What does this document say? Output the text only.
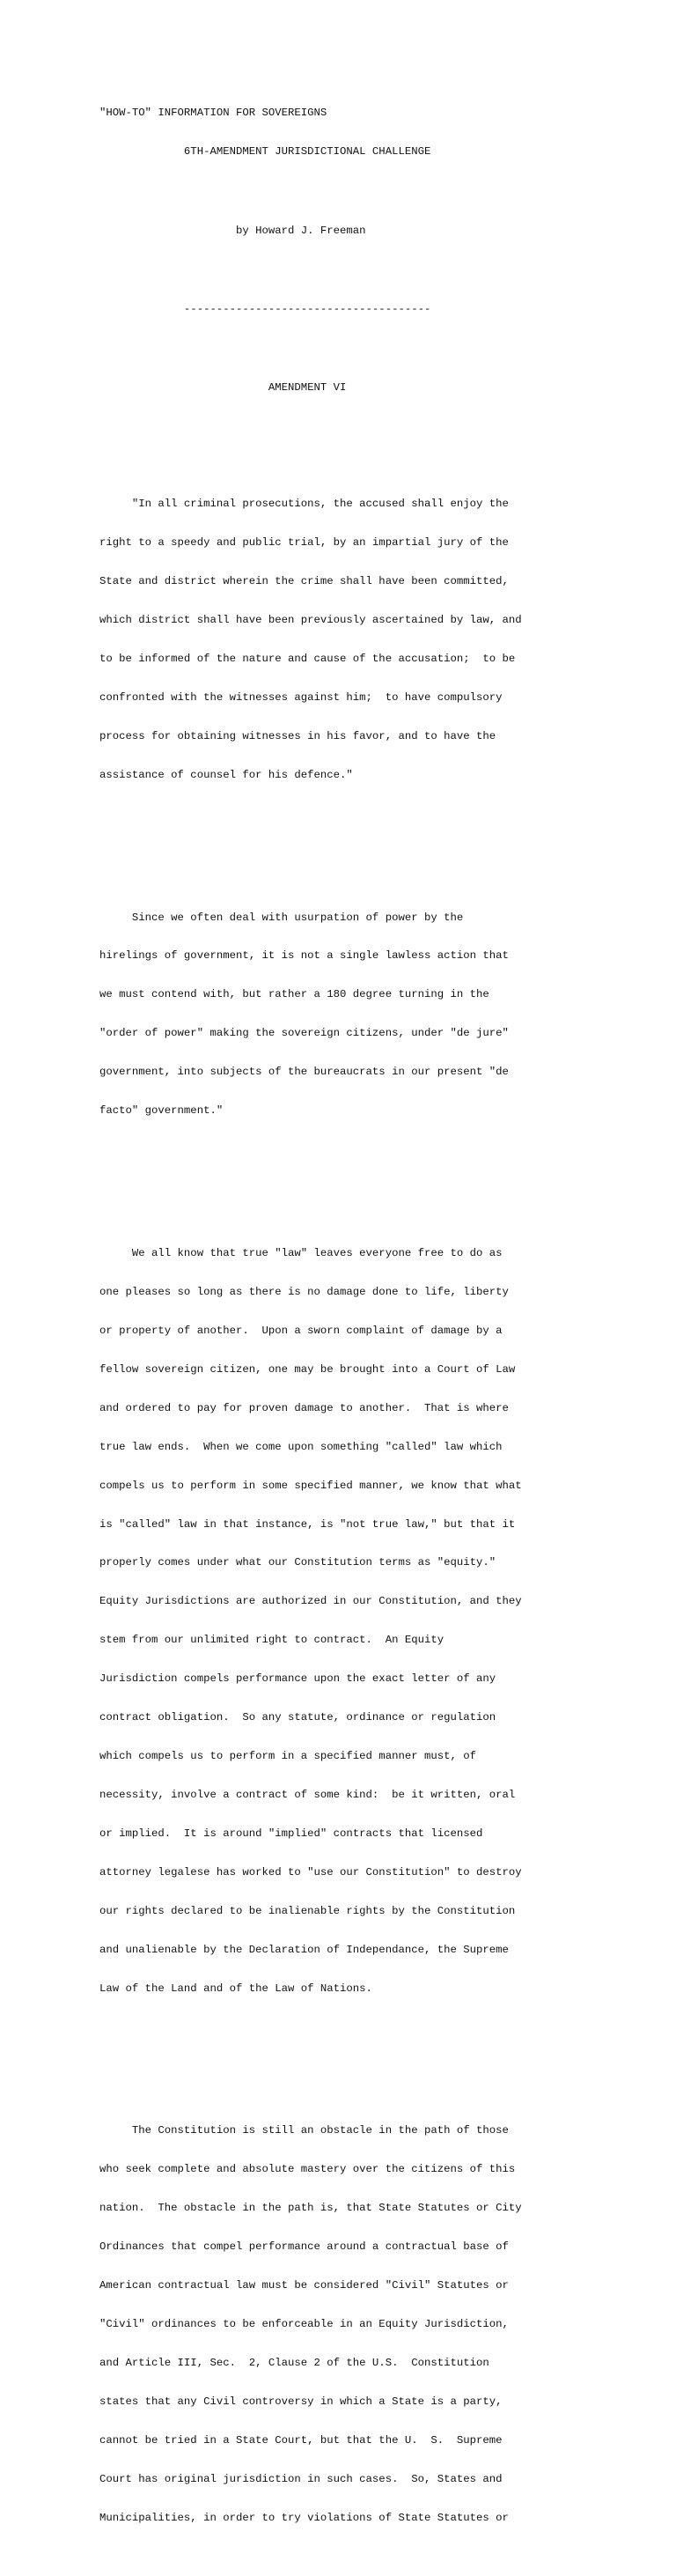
"HOW-TO" INFORMATION FOR SOVEREIGNS

6TH-AMENDMENT JURISDICTIONAL CHALLENGE

by Howard J. Freeman

--------------------------------------

AMENDMENT VI

"In all criminal prosecutions, the accused shall enjoy the

right to a speedy and public trial, by an impartial jury of the

State and district wherein the crime shall have been committed,

which district shall have been previously ascertained by law, and

to be informed of the nature and cause of the accusation;  to be

confronted with the witnesses against him;  to have compulsory

process for obtaining witnesses in his favor, and to have the

assistance of counsel for his defence."

Since we often deal with usurpation of power by the

hirelings of government, it is not a single lawless action that

we must contend with, but rather a 180 degree turning in the

"order of power" making the sovereign citizens, under "de jure"

government, into subjects of the bureaucrats in our present "de

facto" government."

We all know that true "law" leaves everyone free to do as

one pleases so long as there is no damage done to life, liberty

or property of another.  Upon a sworn complaint of damage by a

fellow sovereign citizen, one may be brought into a Court of Law

and ordered to pay for proven damage to another.  That is where

true law ends.  When we come upon something "called" law which

compels us to perform in some specified manner, we know that what

is "called" law in that instance, is "not true law," but that it

properly comes under what our Constitution terms as "equity."

Equity Jurisdictions are authorized in our Constitution, and they

stem from our unlimited right to contract.  An Equity

Jurisdiction compels performance upon the exact letter of any

contract obligation.  So any statute, ordinance or regulation

which compels us to perform in a specified manner must, of

necessity, involve a contract of some kind:  be it written, oral

or implied.  It is around "implied" contracts that licensed

attorney legalese has worked to "use our Constitution" to destroy

our rights declared to be inalienable rights by the Constitution

and unalienable by the Declaration of Independance, the Supreme

Law of the Land and of the Law of Nations.

The Constitution is still an obstacle in the path of those

who seek complete and absolute mastery over the citizens of this

nation.  The obstacle in the path is, that State Statutes or City

Ordinances that compel performance around a contractual base of

American contractual law must be considered "Civil" Statutes or

"Civil" ordinances to be enforceable in an Equity Jurisdiction,

and Article III, Sec.  2, Clause 2 of the U.S.  Constitution

states that any Civil controversy in which a State is a party,

cannot be tried in a State Court, but that the U.  S.  Supreme

Court has original jurisdiction in such cases.  So, States and

Municipalities, in order to try violations of State Statutes or
